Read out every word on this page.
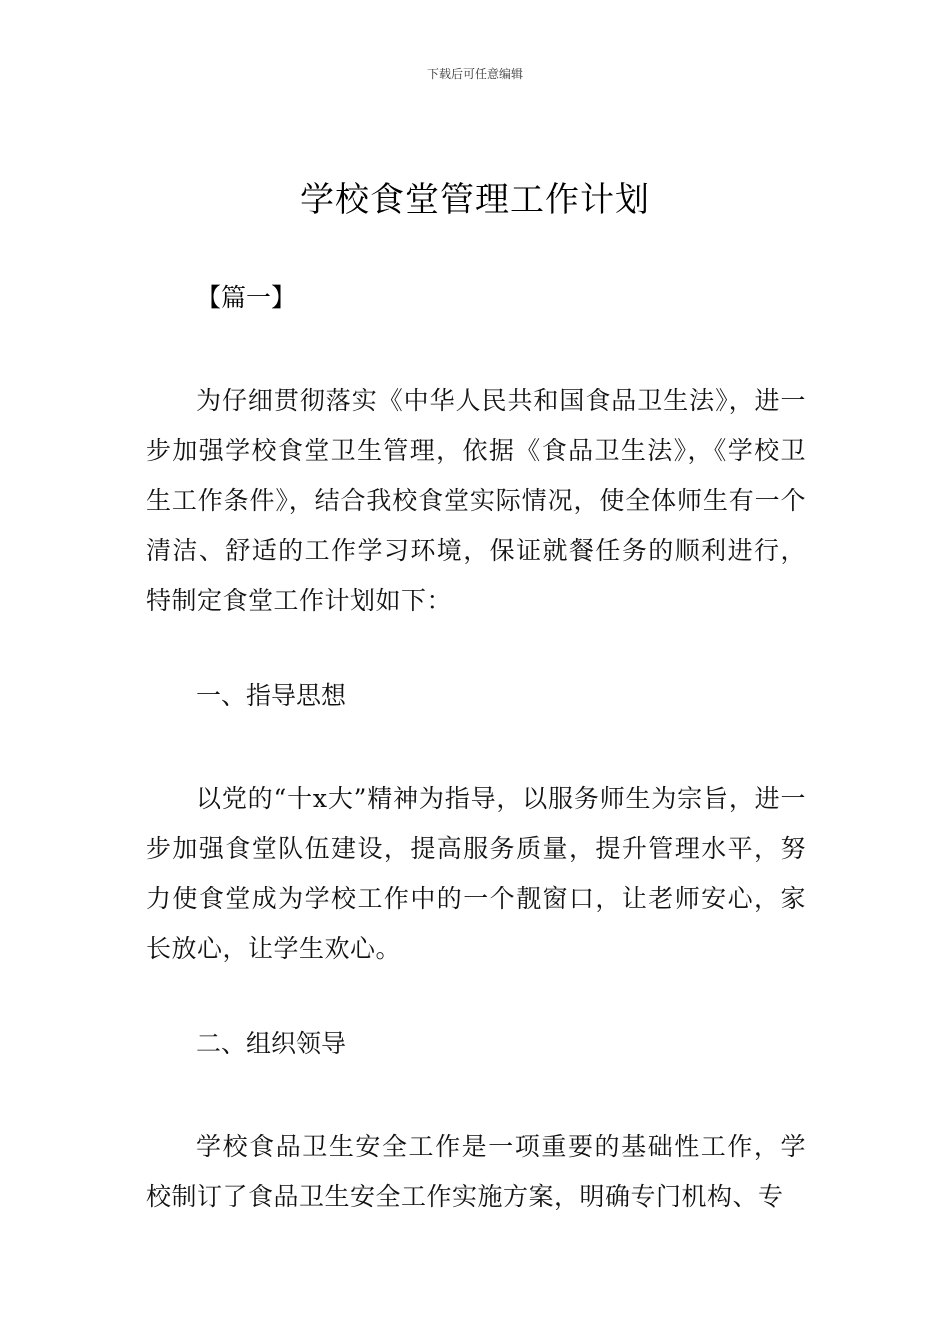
下载后可任意编辑
学校食堂管理工作计划
【篇一】

为仔细贯彻落实《中华人民共和国食品卫生法》，进一步加强学校食堂卫生管理，依据《食品卫生法》，《学校卫生工作条件》，结合我校食堂实际情况，使全体师生有一个清洁、舒适的工作学习环境，保证就餐任务的顺利进行，特制定食堂工作计划如下：

一、指导思想

以党的“十x大”精神为指导，以服务师生为宗旨，进一步加强食堂队伍建设，提高服务质量，提升管理水平，努力使食堂成为学校工作中的一个靓窗口，让老师安心，家长放心，让学生欢心。

二、组织领导

学校食品卫生安全工作是一项重要的基础性工作，学校制订了食品卫生安全工作实施方案，明确专门机构、专
